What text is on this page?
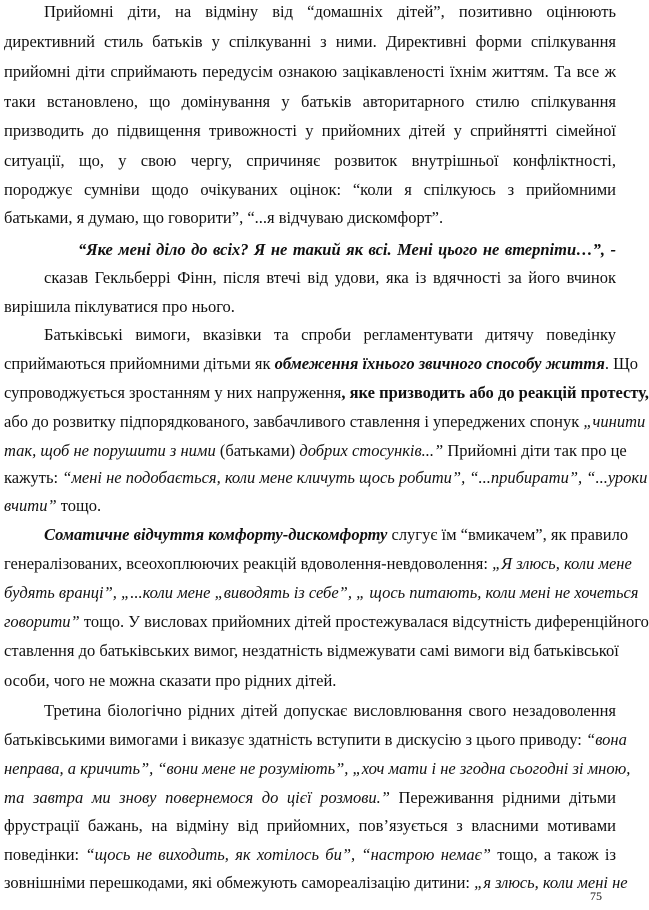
Прийомні діти, на відміну від “домашніх дітей”, позитивно оцінюють

директивний стиль батьків у спілкуванні з ними. Директивні форми спілкування

прийомні діти сприймають передусім ознакою зацікавленості їхнім життям. Та все ж

таки встановлено, що домінування у батьків авторитарного стилю спілкування

призводить до підвищення тривожності у прийомних дітей у сприйнятті сімейної

ситуації, що, у свою чергу, спричиняє розвиток внутрішньої конфліктності,

породжує сумніви щодо очікуваних оцінок: “коли я спілкуюсь з прийомними

батьками, я думаю, що говорити”, “...я відчуваю дискомфорт”.

“Яке мені діло до всіх? Я не такий як всі. Мені цього не втерпіти…”, -

сказав Гекльберрі Фінн, після втечі від удови, яка із вдячності за його вчинок

вирішила піклуватися про нього.

Батьківські вимоги, вказівки та спроби регламентувати дитячу поведінку

сприймаються прийомними дітьми як обмеження їхнього звичного способу життя. Що

супроводжується зростанням у них напруження, яке призводить або до реакцій протесту,

або до розвитку підпорядкованого, завбачливого ставлення і упереджених спонук „чинити

так, щоб не порушити з ними (батьками) добрих стосунків...” Прийомні діти так про це

кажуть: “мені не подобається, коли мене кличуть щось робити”, “...прибирати”, “...уроки

вчити” тощо.

Соматичне відчуття комфорту-дискомфорту слугує їм “вмикачем”, як правило

генералізованих, всеохоплюючих реакцій вдоволення-невдоволення: „Я злюсь, коли мене

будять вранці”, „...коли мене „виводять із себе”, „ щось питають, коли мені не хочеться

говорити” тощо. У висловах прийомних дітей простежувалася відсутність диференційного

ставлення до батьківських вимог, нездатність відмежувати самі вимоги від батьківської

особи, чого не можна сказати про рідних дітей.

Третина біологічно рідних дітей допускає висловлювання свого незадоволення

батьківськими вимогами і виказує здатність вступити в дискусію з цього приводу: “вона

неправа, а кричить”, “вони мене не розуміють”, „хоч мати і не згодна сьогодні зі мною,

та завтра ми знову повернемося до цієї розмови.” Переживання рідними дітьми

фрустрації бажань, на відміну від прийомних, пов’язується з власними мотивами

поведінки: “щось не виходить, як хотілось би”, “настрою немає” тощо, а також із

75

зовнішніми перешкодами, які обмежують самореалізацію дитини: „я злюсь, коли мені не
